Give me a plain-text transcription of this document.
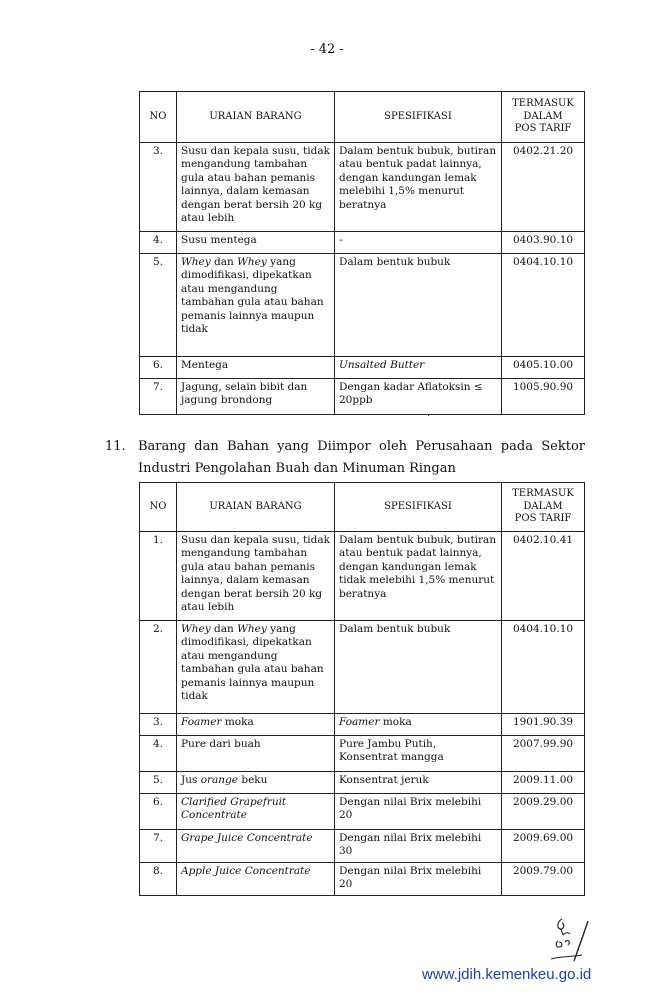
- 42 -
NO	URAIAN BARANG	SPESIFIKASI	TERMASUK
DALAM
POS TARIF

3.	Susu dan kepala susu, tidak mengandung tambahan gula atau bahan pemanis lainnya, dalam kemasan dengan berat bersih 20 kg atau lebih	Dalam bentuk bubuk, butiran atau bentuk padat lainnya, dengan kandungan lemak melebihi 1,5% menurut beratnya	0402.21.20
4.	Susu mentega	-	0403.90.10
5.	Whey dan Whey yang dimodifikasi, dipekatkan atau mengandung tambahan gula atau bahan pemanis lainnya maupun tidak	Dalam bentuk bubuk	0404.10.10
6.	Mentega	Unsalted Butter	0405.10.00
7.	Jagung, selain bibit dan jagung brondong	Dengan kadar Aflatoksin ≤ 20ppb	1005.90.90
·
11. Barang dan Bahan yang Diimpor oleh Perusahaan pada Sektor Industri Pengolahan Buah dan Minuman Ringan
NO	URAIAN BARANG	SPESIFIKASI	TERMASUK
DALAM
POS TARIF

1.	Susu dan kepala susu, tidak mengandung tambahan gula atau bahan pemanis lainnya, dalam kemasan dengan berat bersih 20 kg atau lebih	Dalam bentuk bubuk, butiran atau bentuk padat lainnya, dengan kandungan lemak tidak melebihi 1,5% menurut beratnya	0402.10.41
2.	Whey dan Whey yang dimodifikasi, dipekatkan atau mengandung tambahan gula atau bahan pemanis lainnya maupun tidak	Dalam bentuk bubuk	0404.10.10
3.	Foamer moka	Foamer moka	1901.90.39
4.	Pure dari buah	Pure Jambu Putih, Konsentrat mangga	2007.99.90
5.	Jus orange beku	Konsentrat jeruk	2009.11.00
6.	Clarified Grapefruit Concentrate	Dengan nilai Brix melebihi 20	2009.29.00
7.	Grape Juice Concentrate	Dengan nilai Brix melebihi 30	2009.69.00
8.	Apple Juice Concentrate	Dengan nilai Brix melebihi 20	2009.79.00
www.jdih.kemenkeu.go.id
